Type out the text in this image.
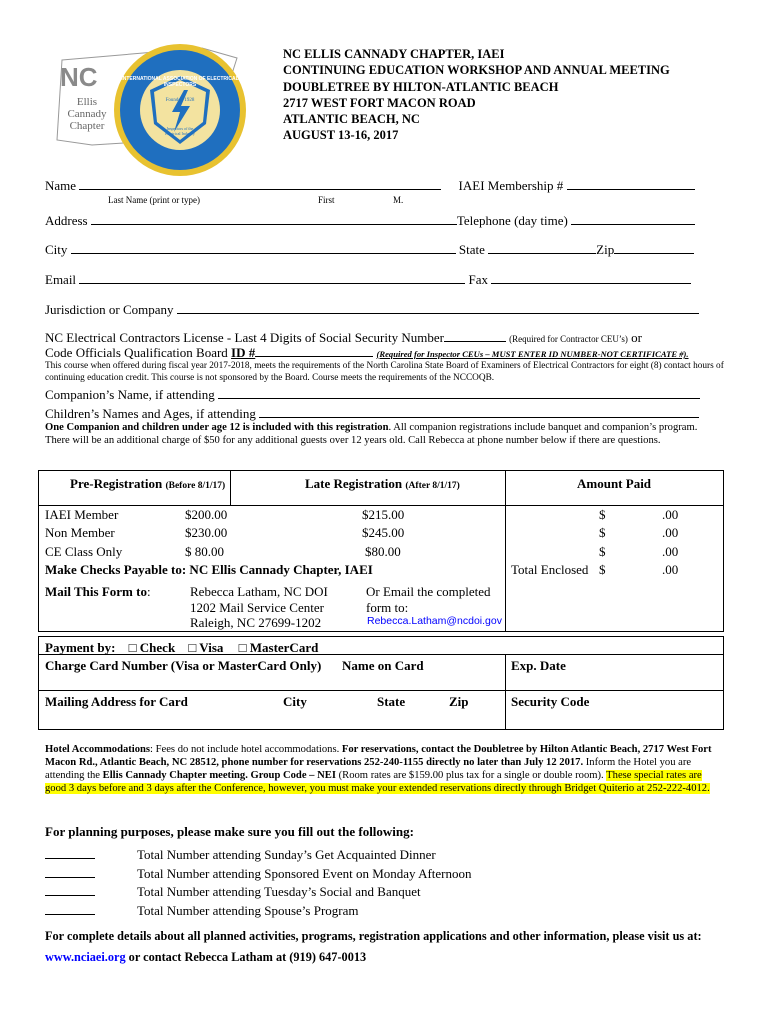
NC
Ellis
Cannady
Chapter
INTERNATIONAL ASSOCIATION OF ELECTRICAL INSPECTORS
Founded 1928
Inspectors of the Electrical Industry
NC ELLIS CANNADY CHAPTER, IAEI
CONTINUING EDUCATION WORKSHOP AND ANNUAL MEETING
DOUBLETREE BY HILTON-ATLANTIC BEACH
2717 WEST FORT MACON ROAD
ATLANTIC BEACH, NC
AUGUST 13-16, 2017
Name	IAEI Membership #
Last Name (print or type)	First	M.
Address	Telephone (day time)
City	State	Zip
Email	Fax
Jurisdiction or Company
NC Electrical Contractors License - Last 4 Digits of Social Security Number	(Required for Contractor CEU’s) or
Code Officials Qualification Board ID #	(Required for Inspector CEUs – MUST ENTER ID NUMBER-NOT CERTIFICATE #).
This course when offered during fiscal year 2017-2018, meets the requirements of the North Carolina State Board of Examiners of Electrical Contractors for eight (8) contact hours of continuing education credit. This course is not sponsored by the Board. Course meets the requirements of the NCCOQB.
Companion’s Name, if attending
Children’s Names and Ages, if attending
One Companion and children under age 12 is included with this registration. All companion registrations include banquet and companion’s program. There will be an additional charge of $50 for any additional guests over 12 years old. Call Rebecca at phone number below if there are questions.
Pre-Registration (Before 8/1/17)	Late Registration (After 8/1/17)	Amount Paid
IAEI Member	$200.00	$215.00	$	.00
Non Member	$230.00	$245.00	$	.00
CE Class Only	$ 80.00	$80.00	$	.00
Make Checks Payable to: NC Ellis Cannady Chapter, IAEI	Total Enclosed $	.00
Mail This Form to:	Rebecca Latham, NC DOI
1202 Mail Service Center
Raleigh, NC 27699-1202
Or Email the completed
form to:
Rebecca.Latham@ncdoi.gov
Payment by: □ Check □ Visa □ MasterCard
Charge Card Number (Visa or MasterCard Only) Name on Card	Exp. Date
Mailing Address for Card	City	State	Zip	Security Code
Hotel Accommodations: Fees do not include hotel accommodations. For reservations, contact the Doubletree by Hilton Atlantic Beach, 2717 West Fort Macon Rd., Atlantic Beach, NC 28512, phone number for reservations 252-240-1155 directly no later than July 12 2017. Inform the Hotel you are attending the Ellis Cannady Chapter meeting. Group Code – NEI (Room rates are $159.00 plus tax for a single or double room). These special rates are good 3 days before and 3 days after the Conference, however, you must make your extended reservations directly through Bridget Quiterio at 252-222-4012.
For planning purposes, please make sure you fill out the following:
Total Number attending Sunday’s Get Acquainted Dinner
Total Number attending Sponsored Event on Monday Afternoon
Total Number attending Tuesday’s Social and Banquet
Total Number attending Spouse’s Program
For complete details about all planned activities, programs, registration applications and other information, please visit us at:
www.nciaei.org or contact Rebecca Latham at (919) 647-0013
